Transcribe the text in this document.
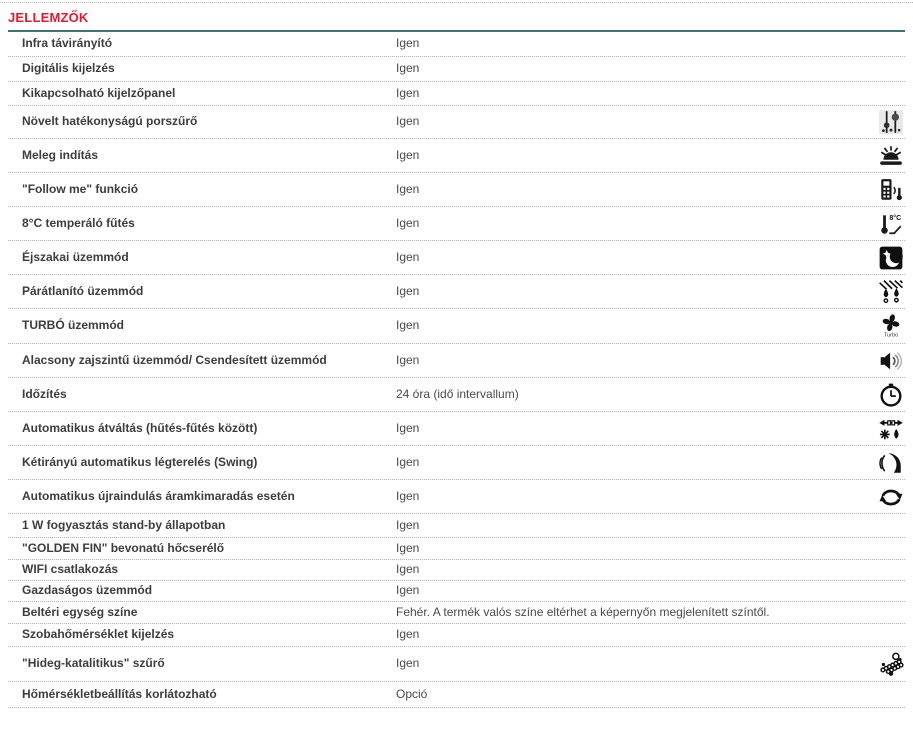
JELLEMZŐK
Infra távirányító	Igen
Digitális kijelzés	Igen
Kikapcsolható kijelzőpanel	Igen
Növelt hatékonyságú porszűrő	Igen
Meleg indítás	Igen
"Follow me" funkció	Igen
8°C temperáló fűtés	Igen	8°C
Éjszakai üzemmód	Igen
Párátlanító üzemmód	Igen
TURBÓ üzemmód	Igen
Turbo
Alacsony zajszintű üzemmód/ Csendesített üzemmód	Igen
Időzítés	24 óra (idő intervallum)
Automatikus átváltás (hűtés-fűtés között)	Igen
Kétirányú automatikus légterelés (Swing)	Igen
Automatikus újraindulás áramkimaradás esetén	Igen
1 W fogyasztás stand-by állapotban	Igen
"GOLDEN FIN" bevonatú hőcserélő	Igen
WIFI csatlakozás	Igen
Gazdaságos üzemmód	Igen
Beltéri egység színe	Fehér. A termék valós színe eltérhet a képernyőn megjelenített színtől.
Szobahőmérséklet kijelzés	Igen
"Hideg-katalitikus" szűrő	Igen
Hőmérsékletbeállítás korlátozható	Opció
